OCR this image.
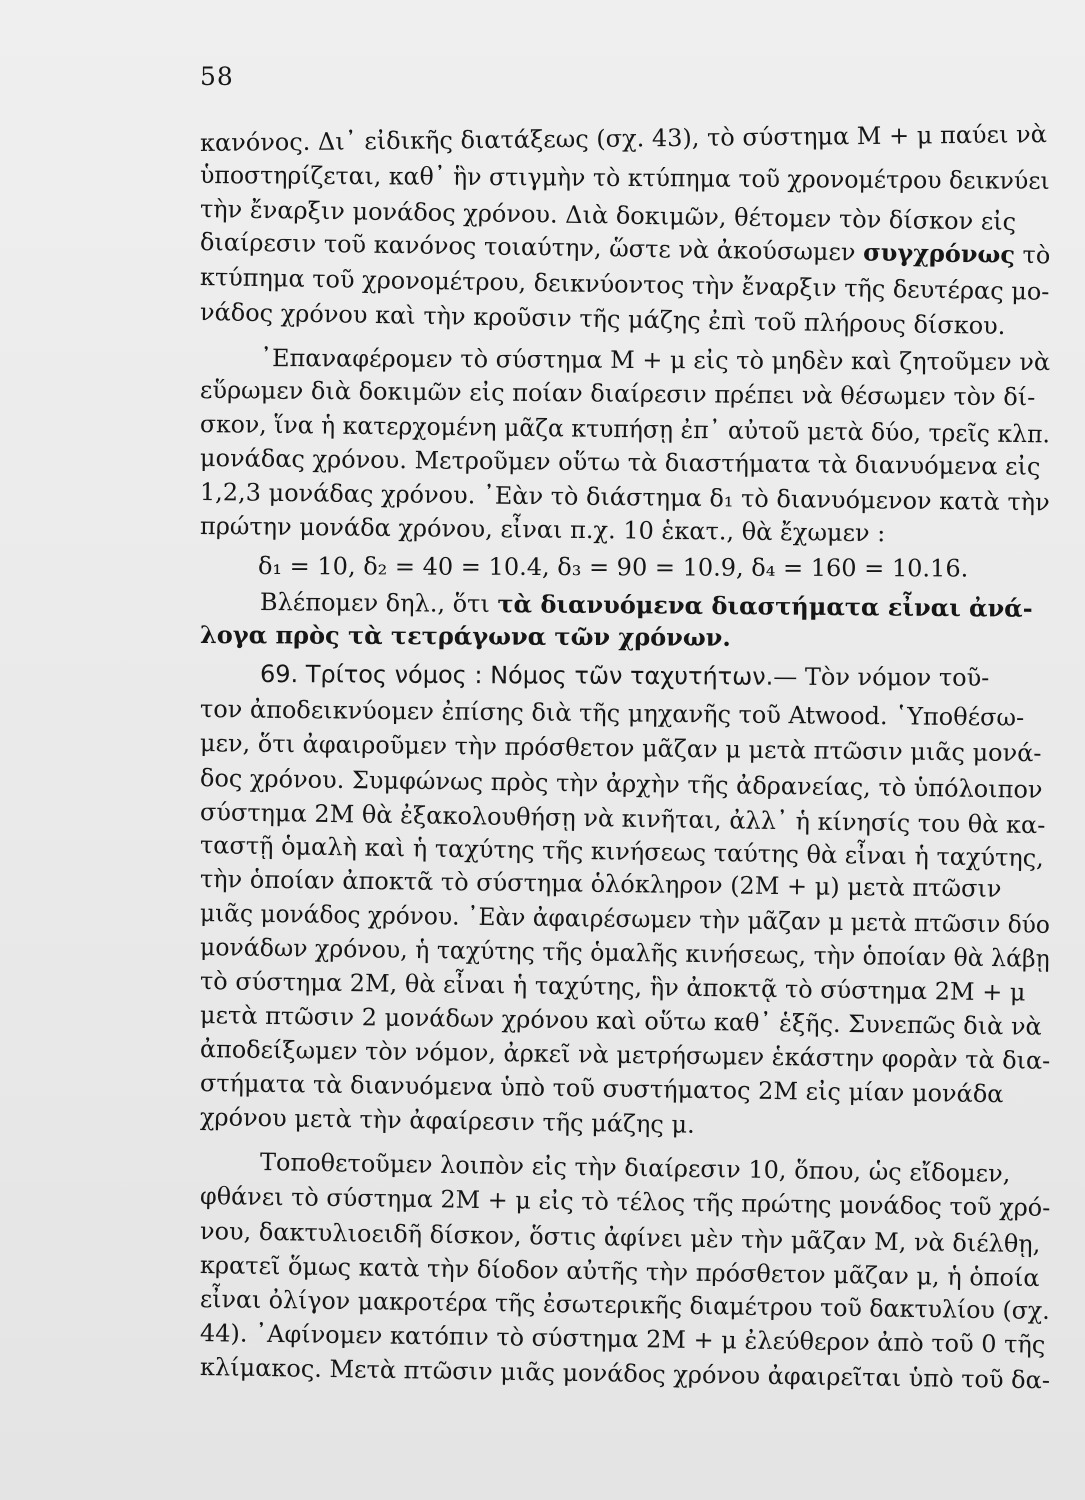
58
κανόνος. Δι᾿ εἰδικῆς διατάξεως (σχ. 43), τὸ σύστημα Μ + μ παύει νὰ
ὑποστηρίζεται, καθ᾿ ἣν στιγμὴν τὸ κτύπημα τοῦ χρονομέτρου δεικνύει
τὴν ἔναρξιν μονάδος χρόνου. Διὰ δοκιμῶν, θέτομεν τὸν δίσκον εἰς
διαίρεσιν τοῦ κανόνος τοιαύτην, ὥστε νὰ ἀκούσωμεν συγχρόνως τὸ
κτύπημα τοῦ χρονομέτρου, δεικνύοντος τὴν ἔναρξιν τῆς δευτέρας μο-
νάδος χρόνου καὶ τὴν κροῦσιν τῆς μάζης ἐπὶ τοῦ πλήρους δίσκου.
᾿Επαναφέρομεν τὸ σύστημα Μ + μ εἰς τὸ μηδὲν καὶ ζητοῦμεν νὰ
εὕρωμεν διὰ δοκιμῶν εἰς ποίαν διαίρεσιν πρέπει νὰ θέσωμεν τὸν δί-
σκον, ἵνα ἡ κατερχομένη μᾶζα κτυπήσῃ ἐπ᾿ αὐτοῦ μετὰ δύο, τρεῖς κλπ.
μονάδας χρόνου. Μετροῦμεν οὕτω τὰ διαστήματα τὰ διανυόμενα εἰς
1,2,3 μονάδας χρόνου. ᾿Εὰν τὸ διάστημα δ₁ τὸ διανυόμενον κατὰ τὴν
πρώτην μονάδα χρόνου, εἶναι π.χ. 10 ἑκατ., θὰ ἔχωμεν :
δ₁ = 10, δ₂ = 40 = 10.4, δ₃ = 90 = 10.9, δ₄ = 160 = 10.16.
Βλέπομεν δηλ., ὅτι τὰ διανυόμενα διαστήματα εἶναι ἀνά-
λογα πρὸς τὰ τετράγωνα τῶν χρόνων.
69. Τρίτος νόμος : Νόμος τῶν ταχυτήτων.— Τὸν νόμον τοῦ-
τον ἀποδεικνύομεν ἐπίσης διὰ τῆς μηχανῆς τοῦ Atwood. ῾Υποθέσω-
μεν, ὅτι ἀφαιροῦμεν τὴν πρόσθετον μᾶζαν μ μετὰ πτῶσιν μιᾶς μονά-
δος χρόνου. Συμφώνως πρὸς τὴν ἀρχὴν τῆς ἀδρανείας, τὸ ὑπόλοιπον
σύστημα 2Μ θὰ ἐξακολουθήσῃ νὰ κινῆται, ἀλλ᾿ ἡ κίνησίς του θὰ κα-
ταστῇ ὁμαλὴ καὶ ἡ ταχύτης τῆς κινήσεως ταύτης θὰ εἶναι ἡ ταχύτης,
τὴν ὁποίαν ἀποκτᾶ τὸ σύστημα ὁλόκληρον (2Μ + μ) μετὰ πτῶσιν
μιᾶς μονάδος χρόνου. ᾿Εὰν ἀφαιρέσωμεν τὴν μᾶζαν μ μετὰ πτῶσιν δύο
μονάδων χρόνου, ἡ ταχύτης τῆς ὁμαλῆς κινήσεως, τὴν ὁποίαν θὰ λάβῃ
τὸ σύστημα 2Μ, θὰ εἶναι ἡ ταχύτης, ἣν ἀποκτᾷ τὸ σύστημα 2Μ + μ
μετὰ πτῶσιν 2 μονάδων χρόνου καὶ οὕτω καθ᾿ ἑξῆς. Συνεπῶς διὰ νὰ
ἀποδείξωμεν τὸν νόμον, ἀρκεῖ νὰ μετρήσωμεν ἑκάστην φορὰν τὰ δια-
στήματα τὰ διανυόμενα ὑπὸ τοῦ συστήματος 2Μ εἰς μίαν μονάδα
χρόνου μετὰ τὴν ἀφαίρεσιν τῆς μάζης μ.
Τοποθετοῦμεν λοιπὸν εἰς τὴν διαίρεσιν 10, ὅπου, ὡς εἴδομεν,
φθάνει τὸ σύστημα 2Μ + μ εἰς τὸ τέλος τῆς πρώτης μονάδος τοῦ χρό-
νου, δακτυλιοειδῆ δίσκον, ὅστις ἀφίνει μὲν τὴν μᾶζαν Μ, νὰ διέλθῃ,
κρατεῖ ὅμως κατὰ τὴν δίοδον αὐτῆς τὴν πρόσθετον μᾶζαν μ, ἡ ὁποία
εἶναι ὀλίγον μακροτέρα τῆς ἐσωτερικῆς διαμέτρου τοῦ δακτυλίου (σχ.
44). ᾿Αφίνομεν κατόπιν τὸ σύστημα 2Μ + μ ἐλεύθερον ἀπὸ τοῦ 0 τῆς
κλίμακος. Μετὰ πτῶσιν μιᾶς μονάδος χρόνου ἀφαιρεῖται ὑπὸ τοῦ δα-
